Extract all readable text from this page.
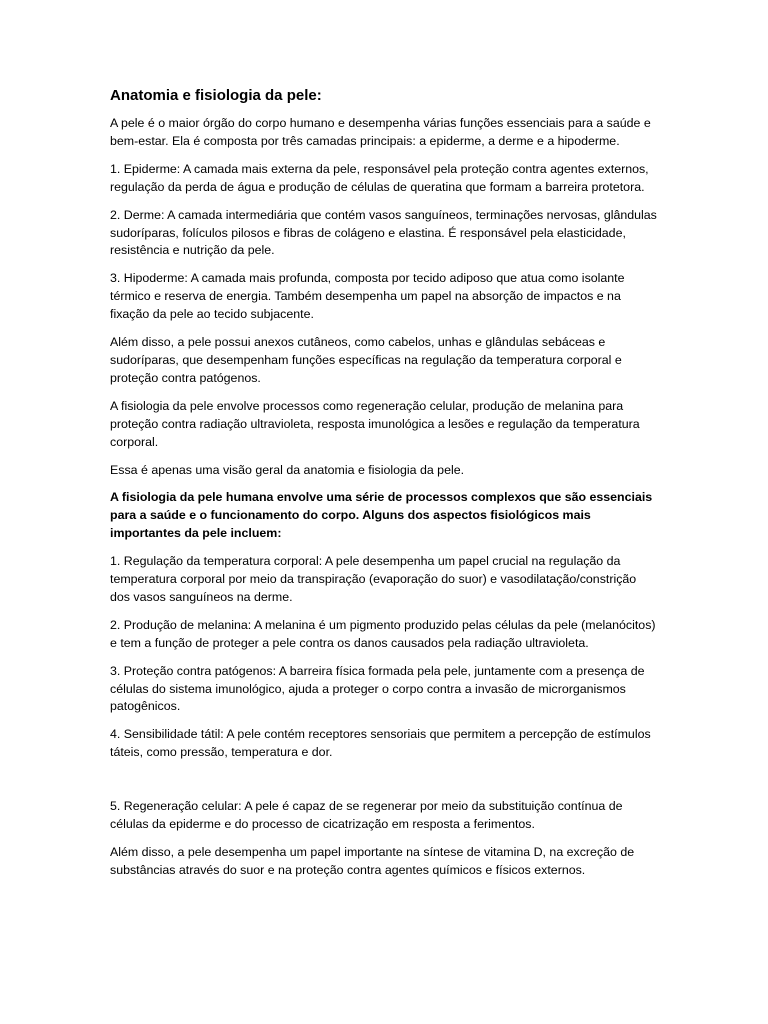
Anatomia e fisiologia da pele:

A pele é o maior órgão do corpo humano e desempenha várias funções essenciais para a saúde e bem-estar. Ela é composta por três camadas principais: a epiderme, a derme e a hipoderme.

1. Epiderme: A camada mais externa da pele, responsável pela proteção contra agentes externos, regulação da perda de água e produção de células de queratina que formam a barreira protetora.

2. Derme: A camada intermediária que contém vasos sanguíneos, terminações nervosas, glândulas sudoríparas, folículos pilosos e fibras de colágeno e elastina. É responsável pela elasticidade, resistência e nutrição da pele.

3. Hipoderme: A camada mais profunda, composta por tecido adiposo que atua como isolante térmico e reserva de energia. Também desempenha um papel na absorção de impactos e na fixação da pele ao tecido subjacente.

Além disso, a pele possui anexos cutâneos, como cabelos, unhas e glândulas sebáceas e sudoríparas, que desempenham funções específicas na regulação da temperatura corporal e proteção contra patógenos.

A fisiologia da pele envolve processos como regeneração celular, produção de melanina para proteção contra radiação ultravioleta, resposta imunológica a lesões e regulação da temperatura corporal.

Essa é apenas uma visão geral da anatomia e fisiologia da pele.

A fisiologia da pele humana envolve uma série de processos complexos que são essenciais para a saúde e o funcionamento do corpo. Alguns dos aspectos fisiológicos mais importantes da pele incluem:

1. Regulação da temperatura corporal: A pele desempenha um papel crucial na regulação da temperatura corporal por meio da transpiração (evaporação do suor) e vasodilatação/constrição dos vasos sanguíneos na derme.

2. Produção de melanina: A melanina é um pigmento produzido pelas células da pele (melanócitos) e tem a função de proteger a pele contra os danos causados pela radiação ultravioleta.

3. Proteção contra patógenos: A barreira física formada pela pele, juntamente com a presença de células do sistema imunológico, ajuda a proteger o corpo contra a invasão de microrganismos patogênicos.

4. Sensibilidade tátil: A pele contém receptores sensoriais que permitem a percepção de estímulos táteis, como pressão, temperatura e dor.

5. Regeneração celular: A pele é capaz de se regenerar por meio da substituição contínua de células da epiderme e do processo de cicatrização em resposta a ferimentos.

Além disso, a pele desempenha um papel importante na síntese de vitamina D, na excreção de substâncias através do suor e na proteção contra agentes químicos e físicos externos.
